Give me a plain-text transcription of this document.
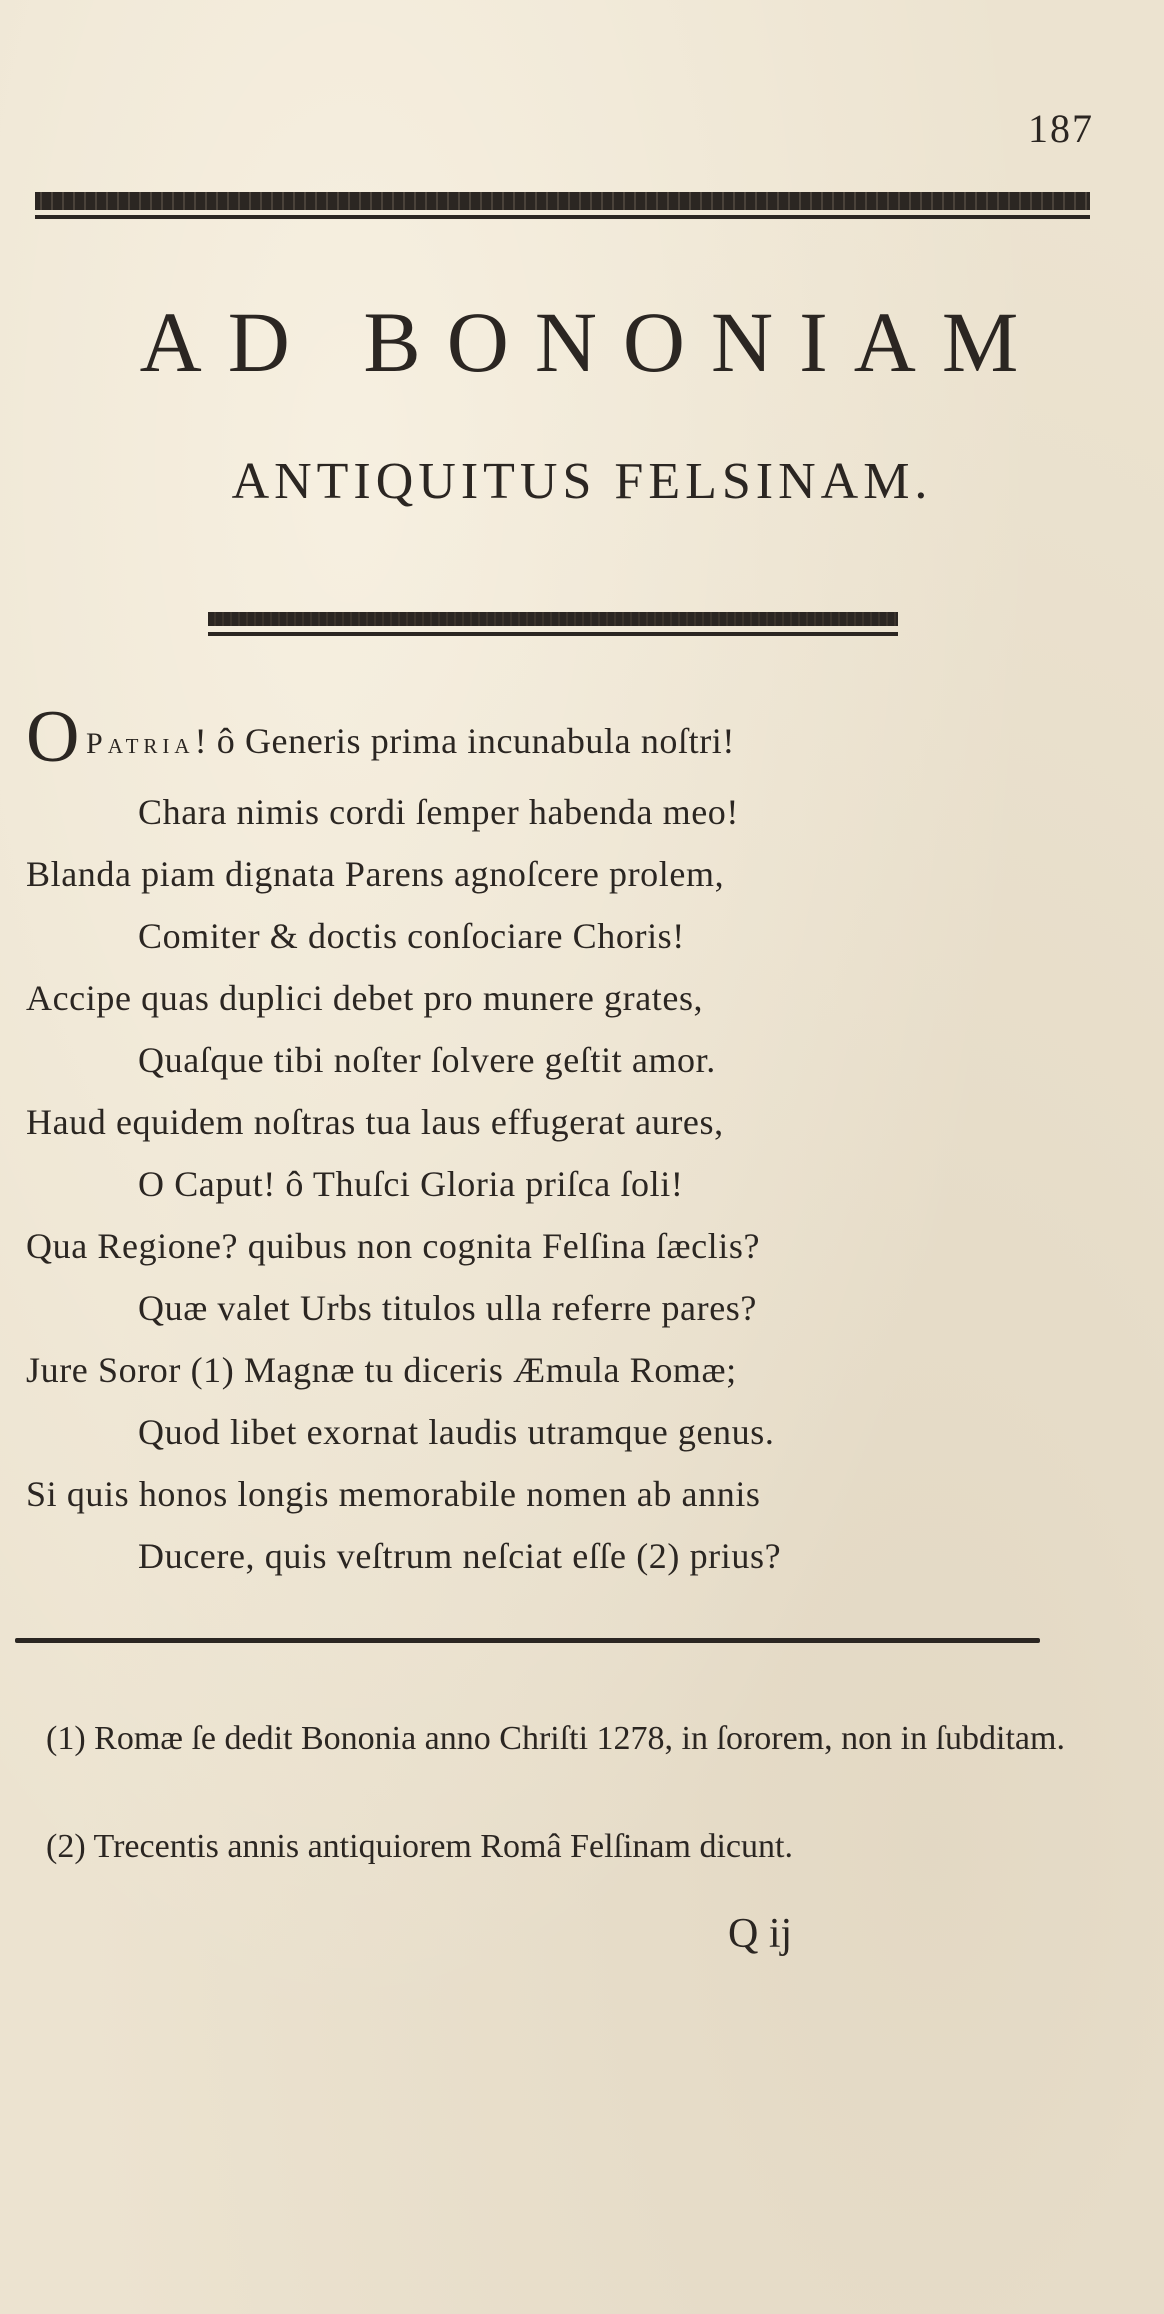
187

AD BONONIAM
ANTIQUITUS FELSINAM.
O Patria! ô Generis prima incunabula noſtri!
Chara nimis cordi ſemper habenda meo!
Blanda piam dignata Parens agnoſcere prolem,
Comiter & doctis conſociare Choris!
Accipe quas duplici debet pro munere grates,
Quaſque tibi noſter ſolvere geſtit amor.
Haud equidem noſtras tua laus effugerat aures,
O Caput! ô Thuſci Gloria priſca ſoli!
Qua Regione? quibus non cognita Felſina ſæclis?
Quæ valet Urbs titulos ulla referre pares?
Jure Soror (1) Magnæ tu diceris Æmula Romæ;
Quod libet exornat laudis utramque genus.
Si quis honos longis memorabile nomen ab annis
Ducere, quis veſtrum neſciat eſſe (2) prius?

(1) Romæ ſe dedit Bononia anno Chriſti 1278, in ſororem, non in ſubditam.

(2) Trecentis annis antiquiorem Româ Felſinam dicunt.

Q ij
